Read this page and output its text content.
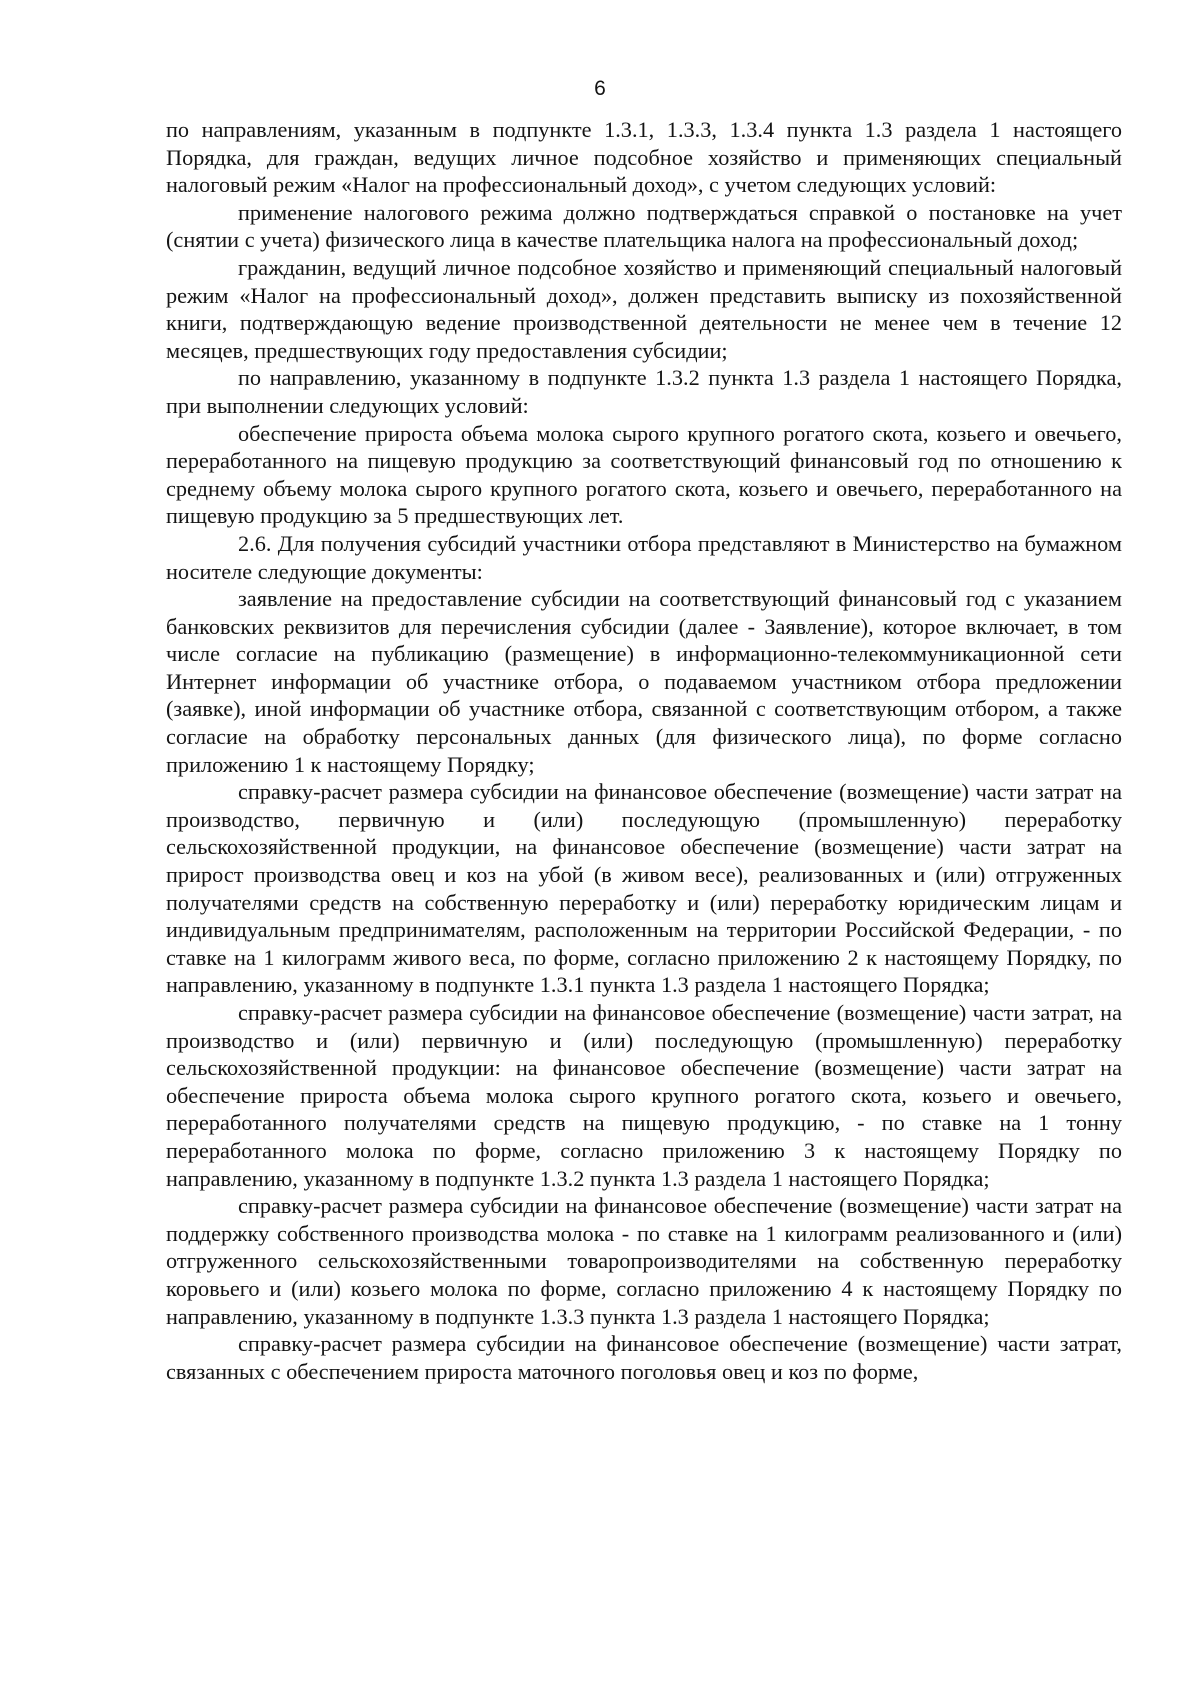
6

по направлениям, указанным в подпункте 1.3.1, 1.3.3, 1.3.4 пункта 1.3 раздела 1 настоящего Порядка, для граждан, ведущих личное подсобное хозяйство и применяющих специальный налоговый режим «Налог на профессиональный доход», с учетом следующих условий:

применение налогового режима должно подтверждаться справкой о постановке на учет (снятии с учета) физического лица в качестве плательщика налога на профессиональный доход;

гражданин, ведущий личное подсобное хозяйство и применяющий специальный налоговый режим «Налог на профессиональный доход», должен представить выписку из похозяйственной книги, подтверждающую ведение производственной деятельности не менее чем в течение 12 месяцев, предшествующих году предоставления субсидии;

по направлению, указанному в подпункте 1.3.2 пункта 1.3 раздела 1 настоящего Порядка, при выполнении следующих условий:

обеспечение прироста объема молока сырого крупного рогатого скота, козьего и овечьего, переработанного на пищевую продукцию за соответствующий финансовый год по отношению к среднему объему молока сырого крупного рогатого скота, козьего и овечьего, переработанного на пищевую продукцию за 5 предшествующих лет.

2.6. Для получения субсидий участники отбора представляют в Министерство на бумажном носителе следующие документы:

заявление на предоставление субсидии на соответствующий финансовый год с указанием банковских реквизитов для перечисления субсидии (далее - Заявление), которое включает, в том числе согласие на публикацию (размещение) в информационно-телекоммуникационной сети Интернет информации об участнике отбора, о подаваемом участником отбора предложении (заявке), иной информации об участнике отбора, связанной с соответствующим отбором, а также согласие на обработку персональных данных (для физического лица), по форме согласно приложению 1 к настоящему Порядку;

справку-расчет размера субсидии на финансовое обеспечение (возмещение) части затрат на производство, первичную и (или) последующую (промышленную) переработку сельскохозяйственной продукции, на финансовое обеспечение (возмещение) части затрат на прирост производства овец и коз на убой (в живом весе), реализованных и (или) отгруженных получателями средств на собственную переработку и (или) переработку юридическим лицам и индивидуальным предпринимателям, расположенным на территории Российской Федерации, - по ставке на 1 килограмм живого веса, по форме, согласно приложению 2 к настоящему Порядку, по направлению, указанному в подпункте 1.3.1 пункта 1.3 раздела 1 настоящего Порядка;

справку-расчет размера субсидии на финансовое обеспечение (возмещение) части затрат, на производство и (или) первичную и (или) последующую (промышленную) переработку сельскохозяйственной продукции: на финансовое обеспечение (возмещение) части затрат на обеспечение прироста объема молока сырого крупного рогатого скота, козьего и овечьего, переработанного получателями средств на пищевую продукцию, - по ставке на 1 тонну переработанного молока по форме, согласно приложению 3 к настоящему Порядку по направлению, указанному в подпункте 1.3.2 пункта 1.3 раздела 1 настоящего Порядка;

справку-расчет размера субсидии на финансовое обеспечение (возмещение) части затрат на поддержку собственного производства молока - по ставке на 1 килограмм реализованного и (или) отгруженного сельскохозяйственными товаропроизводителями на собственную переработку коровьего и (или) козьего молока по форме, согласно приложению 4 к настоящему Порядку по направлению, указанному в подпункте 1.3.3 пункта 1.3 раздела 1 настоящего Порядка;

справку-расчет размера субсидии на финансовое обеспечение (возмещение) части затрат, связанных с обеспечением прироста маточного поголовья овец и коз по форме,
